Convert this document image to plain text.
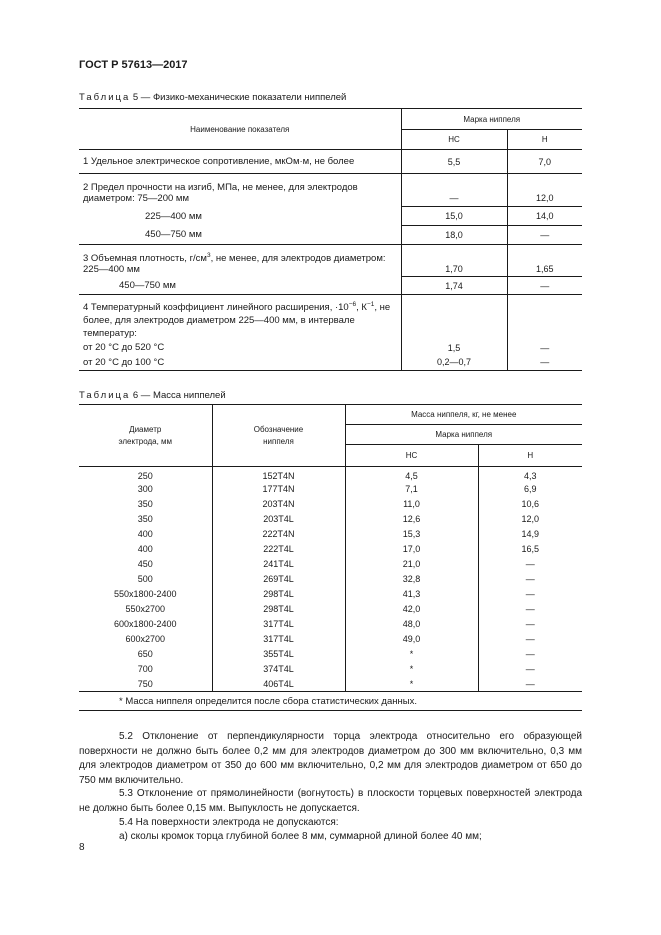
ГОСТ Р 57613—2017
Таблица 5 — Физико-механические показатели ниппелей
Наименование показателя	Марка ниппеля	
	НС	Н
1 Удельное электрическое сопротивление, мкОм·м, не более	5,5	7,0
2 Предел прочности на изгиб, МПа, не менее, для электродов диаметром: 75—200 мм	—	12,0
225—400 мм	15,0	14,0
450—750 мм	18,0	—
3 Объемная плотность, $г/см^3$, не менее, для электродов диаметром: 225—400 мм	1,70	1,65
450—750 мм	1,74	—
4 Температурный коэффициент линейного расширения, $\cdot 10^{-6}$, $К^{-1}$, не более, для электродов диаметром 225—400 мм, в интервале температур:		
от 20 °С до 520 °С	1,5	—
от 20 °С до 100 °С	0,2—0,7	—
Таблица 6 — Масса ниппелей
Диаметр электрода, мм	Обозначение ниппеля	Масса ниппеля, кг, не менее	
		Марка ниппеля	
		НС	Н
250	152Т4N	4,5	4,3
300	177Т4N	7,1	6,9
350	203Т4N	11,0	10,6
350	203Т4L	12,6	12,0
400	222Т4N	15,3	14,9
400	222Т4L	17,0	16,5
450	241Т4L	21,0	—
500	269Т4L	32,8	—
550х1800-2400	298Т4L	41,3	—
550х2700	298Т4L	42,0	—
600х1800-2400	317Т4L	48,0	—
600х2700	317Т4L	49,0	—
650	355Т4L	*	—
700	374Т4L	*	—
750	406Т4L	*	—
* Масса ниппеля определится после сбора статистических данных.			
5.2 Отклонение от перпендикулярности торца электрода относительно его образующей поверхности не должно быть более 0,2 мм для электродов диаметром до 300 мм включительно, 0,3 мм для электродов диаметром от 350 до 600 мм включительно, 0,2 мм для электродов диаметром от 650 до 750 мм включительно.
5.3 Отклонение от прямолинейности (вогнутость) в плоскости торцевых поверхностей электрода не должно быть более 0,15 мм. Выпуклость не допускается.
5.4 На поверхности электрода не допускаются:
а) сколы кромок торца глубиной более 8 мм, суммарной длиной более 40 мм;
8
